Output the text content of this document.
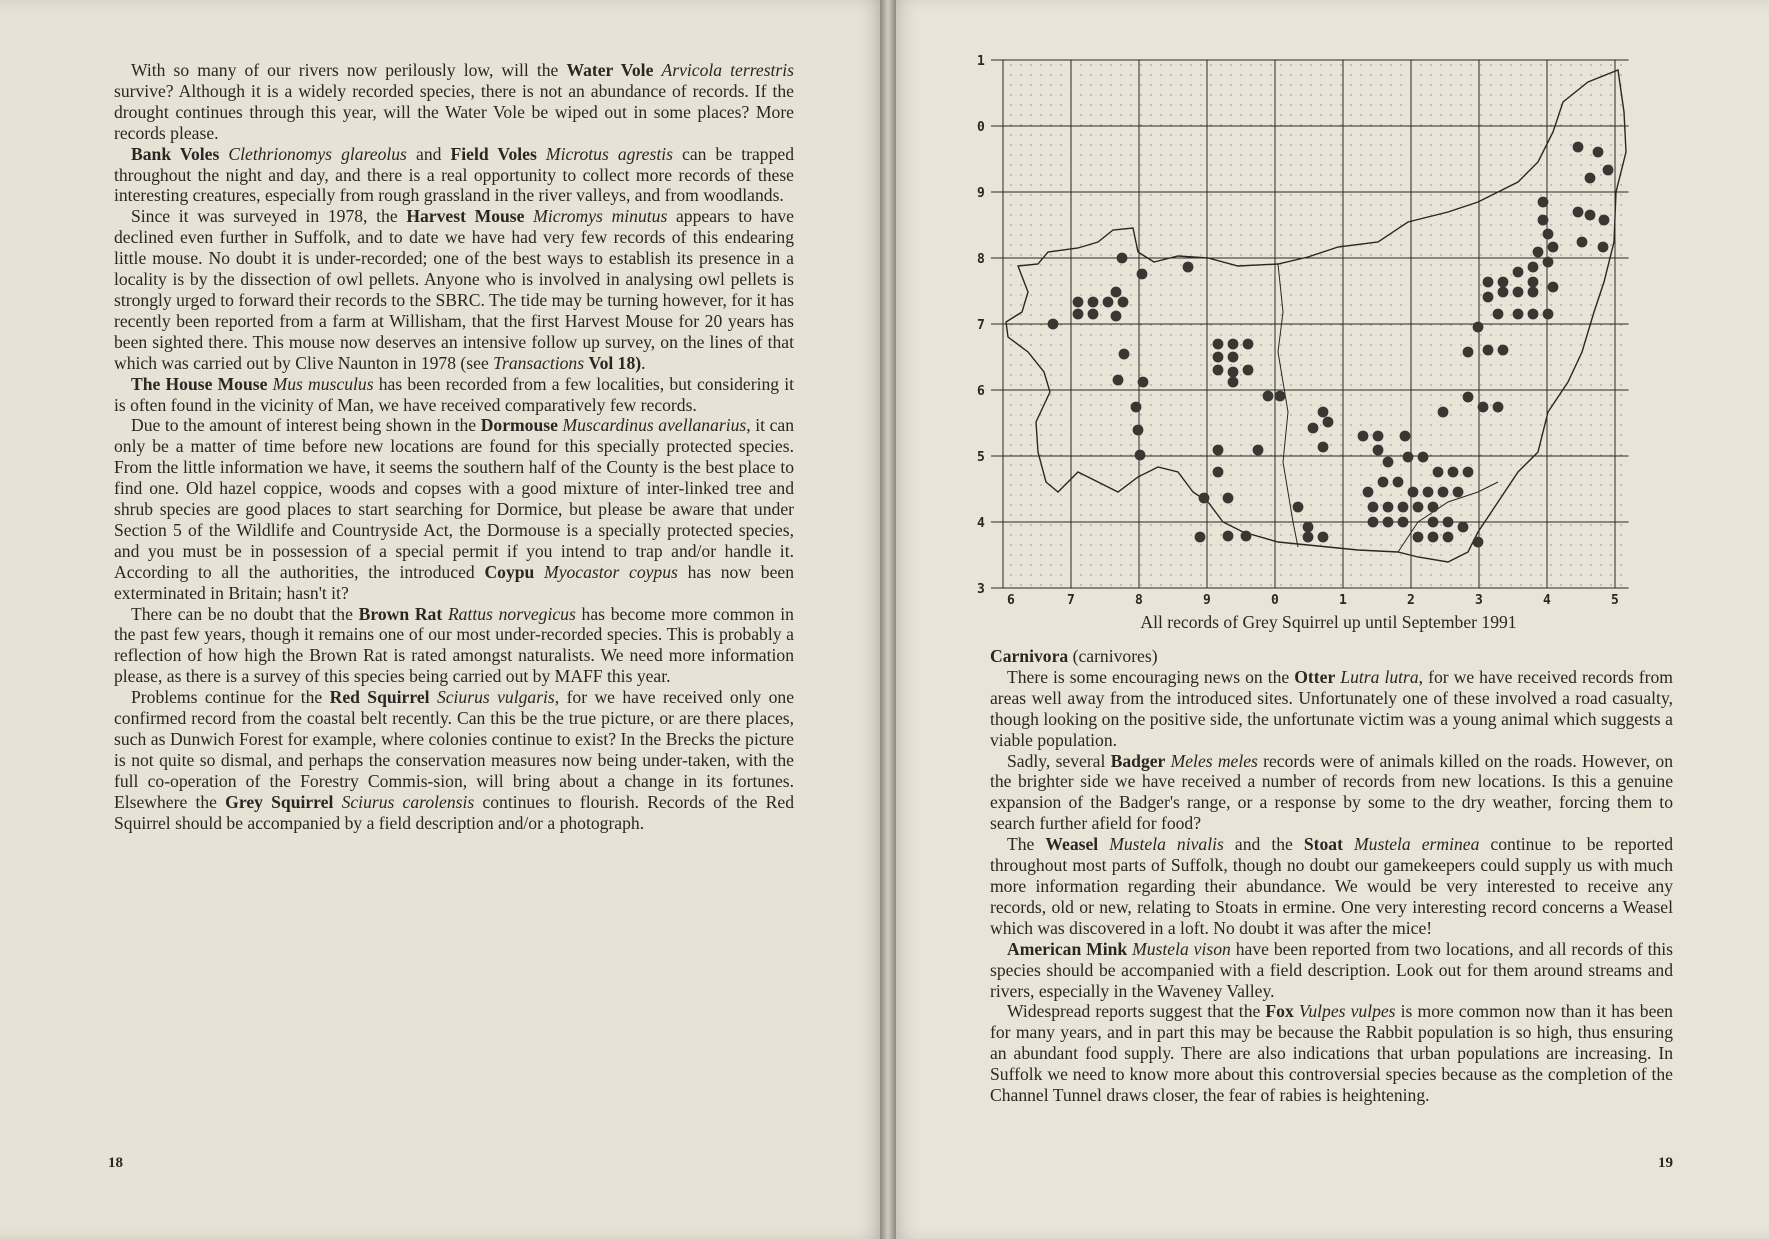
With so many of our rivers now perilously low, will the Water Vole Arvicola terrestris survive? Although it is a widely recorded species, there is not an abundance of records. If the drought continues through this year, will the Water Vole be wiped out in some places? More records please.

Bank Voles Clethrionomys glareolus and Field Voles Microtus agrestis can be trapped throughout the night and day, and there is a real opportunity to collect more records of these interesting creatures, especially from rough grassland in the river valleys, and from woodlands.

Since it was surveyed in 1978, the Harvest Mouse Micromys minutus appears to have declined even further in Suffolk, and to date we have had very few records of this endearing little mouse. No doubt it is under-recorded; one of the best ways to establish its presence in a locality is by the dissection of owl pellets. Anyone who is involved in analysing owl pellets is strongly urged to forward their records to the SBRC. The tide may be turning however, for it has recently been reported from a farm at Willisham, that the first Harvest Mouse for 20 years has been sighted there. This mouse now deserves an intensive follow up survey, on the lines of that which was carried out by Clive Naunton in 1978 (see Transactions Vol 18).

The House Mouse Mus musculus has been recorded from a few localities, but considering it is often found in the vicinity of Man, we have received comparatively few records.

Due to the amount of interest being shown in the Dormouse Muscardinus avellanarius, it can only be a matter of time before new locations are found for this specially protected species. From the little information we have, it seems the southern half of the County is the best place to find one. Old hazel coppice, woods and copses with a good mixture of inter-linked tree and shrub species are good places to start searching for Dormice, but please be aware that under Section 5 of the Wildlife and Countryside Act, the Dormouse is a specially protected species, and you must be in possession of a special permit if you intend to trap and/or handle it. According to all the authorities, the introduced Coypu Myocastor coypus has now been exterminated in Britain; hasn't it?

There can be no doubt that the Brown Rat Rattus norvegicus has become more common in the past few years, though it remains one of our most under-recorded species. This is probably a reflection of how high the Brown Rat is rated amongst naturalists. We need more information please, as there is a survey of this species being carried out by MAFF this year.

Problems continue for the Red Squirrel Sciurus vulgaris, for we have received only one confirmed record from the coastal belt recently. Can this be the true picture, or are there places, such as Dunwich Forest for example, where colonies continue to exist? In the Brecks the picture is not quite so dismal, and perhaps the conservation measures now being under-taken, with the full co-operation of the Forestry Commis-sion, will bring about a change in its fortunes. Elsewhere the Grey Squirrel Sciurus carolensis continues to flourish. Records of the Red Squirrel should be accompanied by a field description and/or a photograph.

18
1
0
9
8
7
6
5
4
3
6	7	8	9	0	1	2	3	4	5
All records of Grey Squirrel up until September 1991

Carnivora (carnivores)

There is some encouraging news on the Otter Lutra lutra, for we have received records from areas well away from the introduced sites. Unfortunately one of these involved a road casualty, though looking on the positive side, the unfortunate victim was a young animal which suggests a viable population.

Sadly, several Badger Meles meles records were of animals killed on the roads. However, on the brighter side we have received a number of records from new locations. Is this a genuine expansion of the Badger's range, or a response by some to the dry weather, forcing them to search further afield for food?

The Weasel Mustela nivalis and the Stoat Mustela erminea continue to be reported throughout most parts of Suffolk, though no doubt our gamekeepers could supply us with much more information regarding their abundance. We would be very interested to receive any records, old or new, relating to Stoats in ermine. One very interesting record concerns a Weasel which was discovered in a loft. No doubt it was after the mice!

American Mink Mustela vison have been reported from two locations, and all records of this species should be accompanied with a field description. Look out for them around streams and rivers, especially in the Waveney Valley.

Widespread reports suggest that the Fox Vulpes vulpes is more common now than it has been for many years, and in part this may be because the Rabbit population is so high, thus ensuring an abundant food supply. There are also indications that urban populations are increasing. In Suffolk we need to know more about this controversial species because as the completion of the Channel Tunnel draws closer, the fear of rabies is heightening.

19
